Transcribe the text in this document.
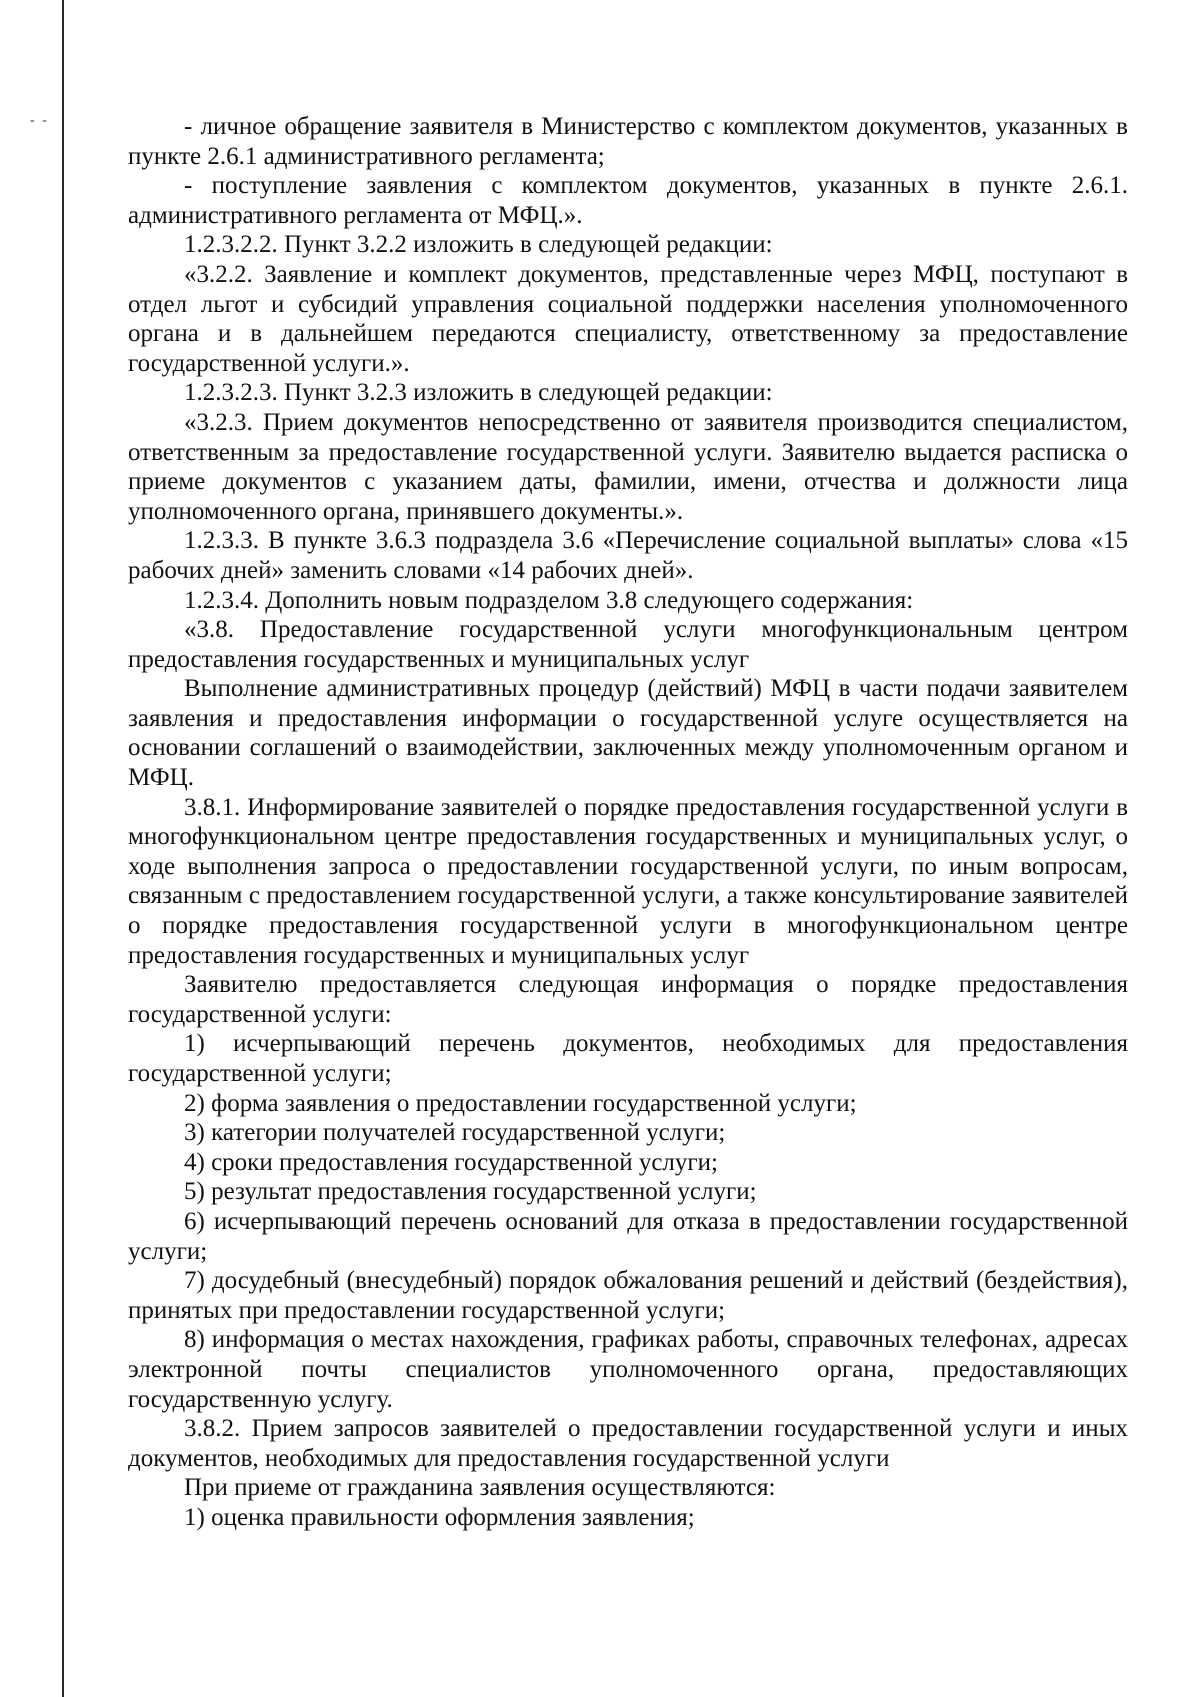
- -	- личное обращение заявителя в Министерство с комплектом документов, указанных в пункте 2.6.1 административного регламента;

- поступление заявления с комплектом документов, указанных в пункте 2.6.1. административного регламента от МФЦ.».

1.2.3.2.2. Пункт 3.2.2 изложить в следующей редакции:

«3.2.2. Заявление и комплект документов, представленные через МФЦ, поступают в отдел льгот и субсидий управления социальной поддержки населения уполномоченного органа и в дальнейшем передаются специалисту, ответственному за предоставление государственной услуги.».

1.2.3.2.3. Пункт 3.2.3 изложить в следующей редакции:

«3.2.3. Прием документов непосредственно от заявителя производится специалистом, ответственным за предоставление государственной услуги. Заявителю выдается расписка о приеме документов с указанием даты, фамилии, имени, отчества и должности лица уполномоченного органа, принявшего документы.».

1.2.3.3. В пункте 3.6.3 подраздела 3.6 «Перечисление социальной выплаты» слова «15 рабочих дней» заменить словами «14 рабочих дней».

1.2.3.4. Дополнить новым подразделом 3.8 следующего содержания:

«3.8. Предоставление государственной услуги многофункциональным центром предоставления государственных и муниципальных услуг

Выполнение административных процедур (действий) МФЦ в части подачи заявителем заявления и предоставления информации о государственной услуге осуществляется на основании соглашений о взаимодействии, заключенных между уполномоченным органом и МФЦ.

3.8.1. Информирование заявителей о порядке предоставления государственной услуги в многофункциональном центре предоставления государственных и муниципальных услуг, о ходе выполнения запроса о предоставлении государственной услуги, по иным вопросам, связанным с предоставлением государственной услуги, а также консультирование заявителей о порядке предоставления государственной услуги в многофункциональном центре предоставления государственных и муниципальных услуг

Заявителю предоставляется следующая информация о порядке предоставления государственной услуги:

1) исчерпывающий перечень документов, необходимых для предоставления государственной услуги;

2) форма заявления о предоставлении государственной услуги;

3) категории получателей государственной услуги;

4) сроки предоставления государственной услуги;

5) результат предоставления государственной услуги;

6) исчерпывающий перечень оснований для отказа в предоставлении государственной услуги;

7) досудебный (внесудебный) порядок обжалования решений и действий (бездействия), принятых при предоставлении государственной услуги;

8) информация о местах нахождения, графиках работы, справочных телефонах, адресах электронной почты специалистов уполномоченного органа, предоставляющих государственную услугу.

3.8.2. Прием запросов заявителей о предоставлении государственной услуги и иных документов, необходимых для предоставления государственной услуги

При приеме от гражданина заявления осуществляются:

1) оценка правильности оформления заявления;
